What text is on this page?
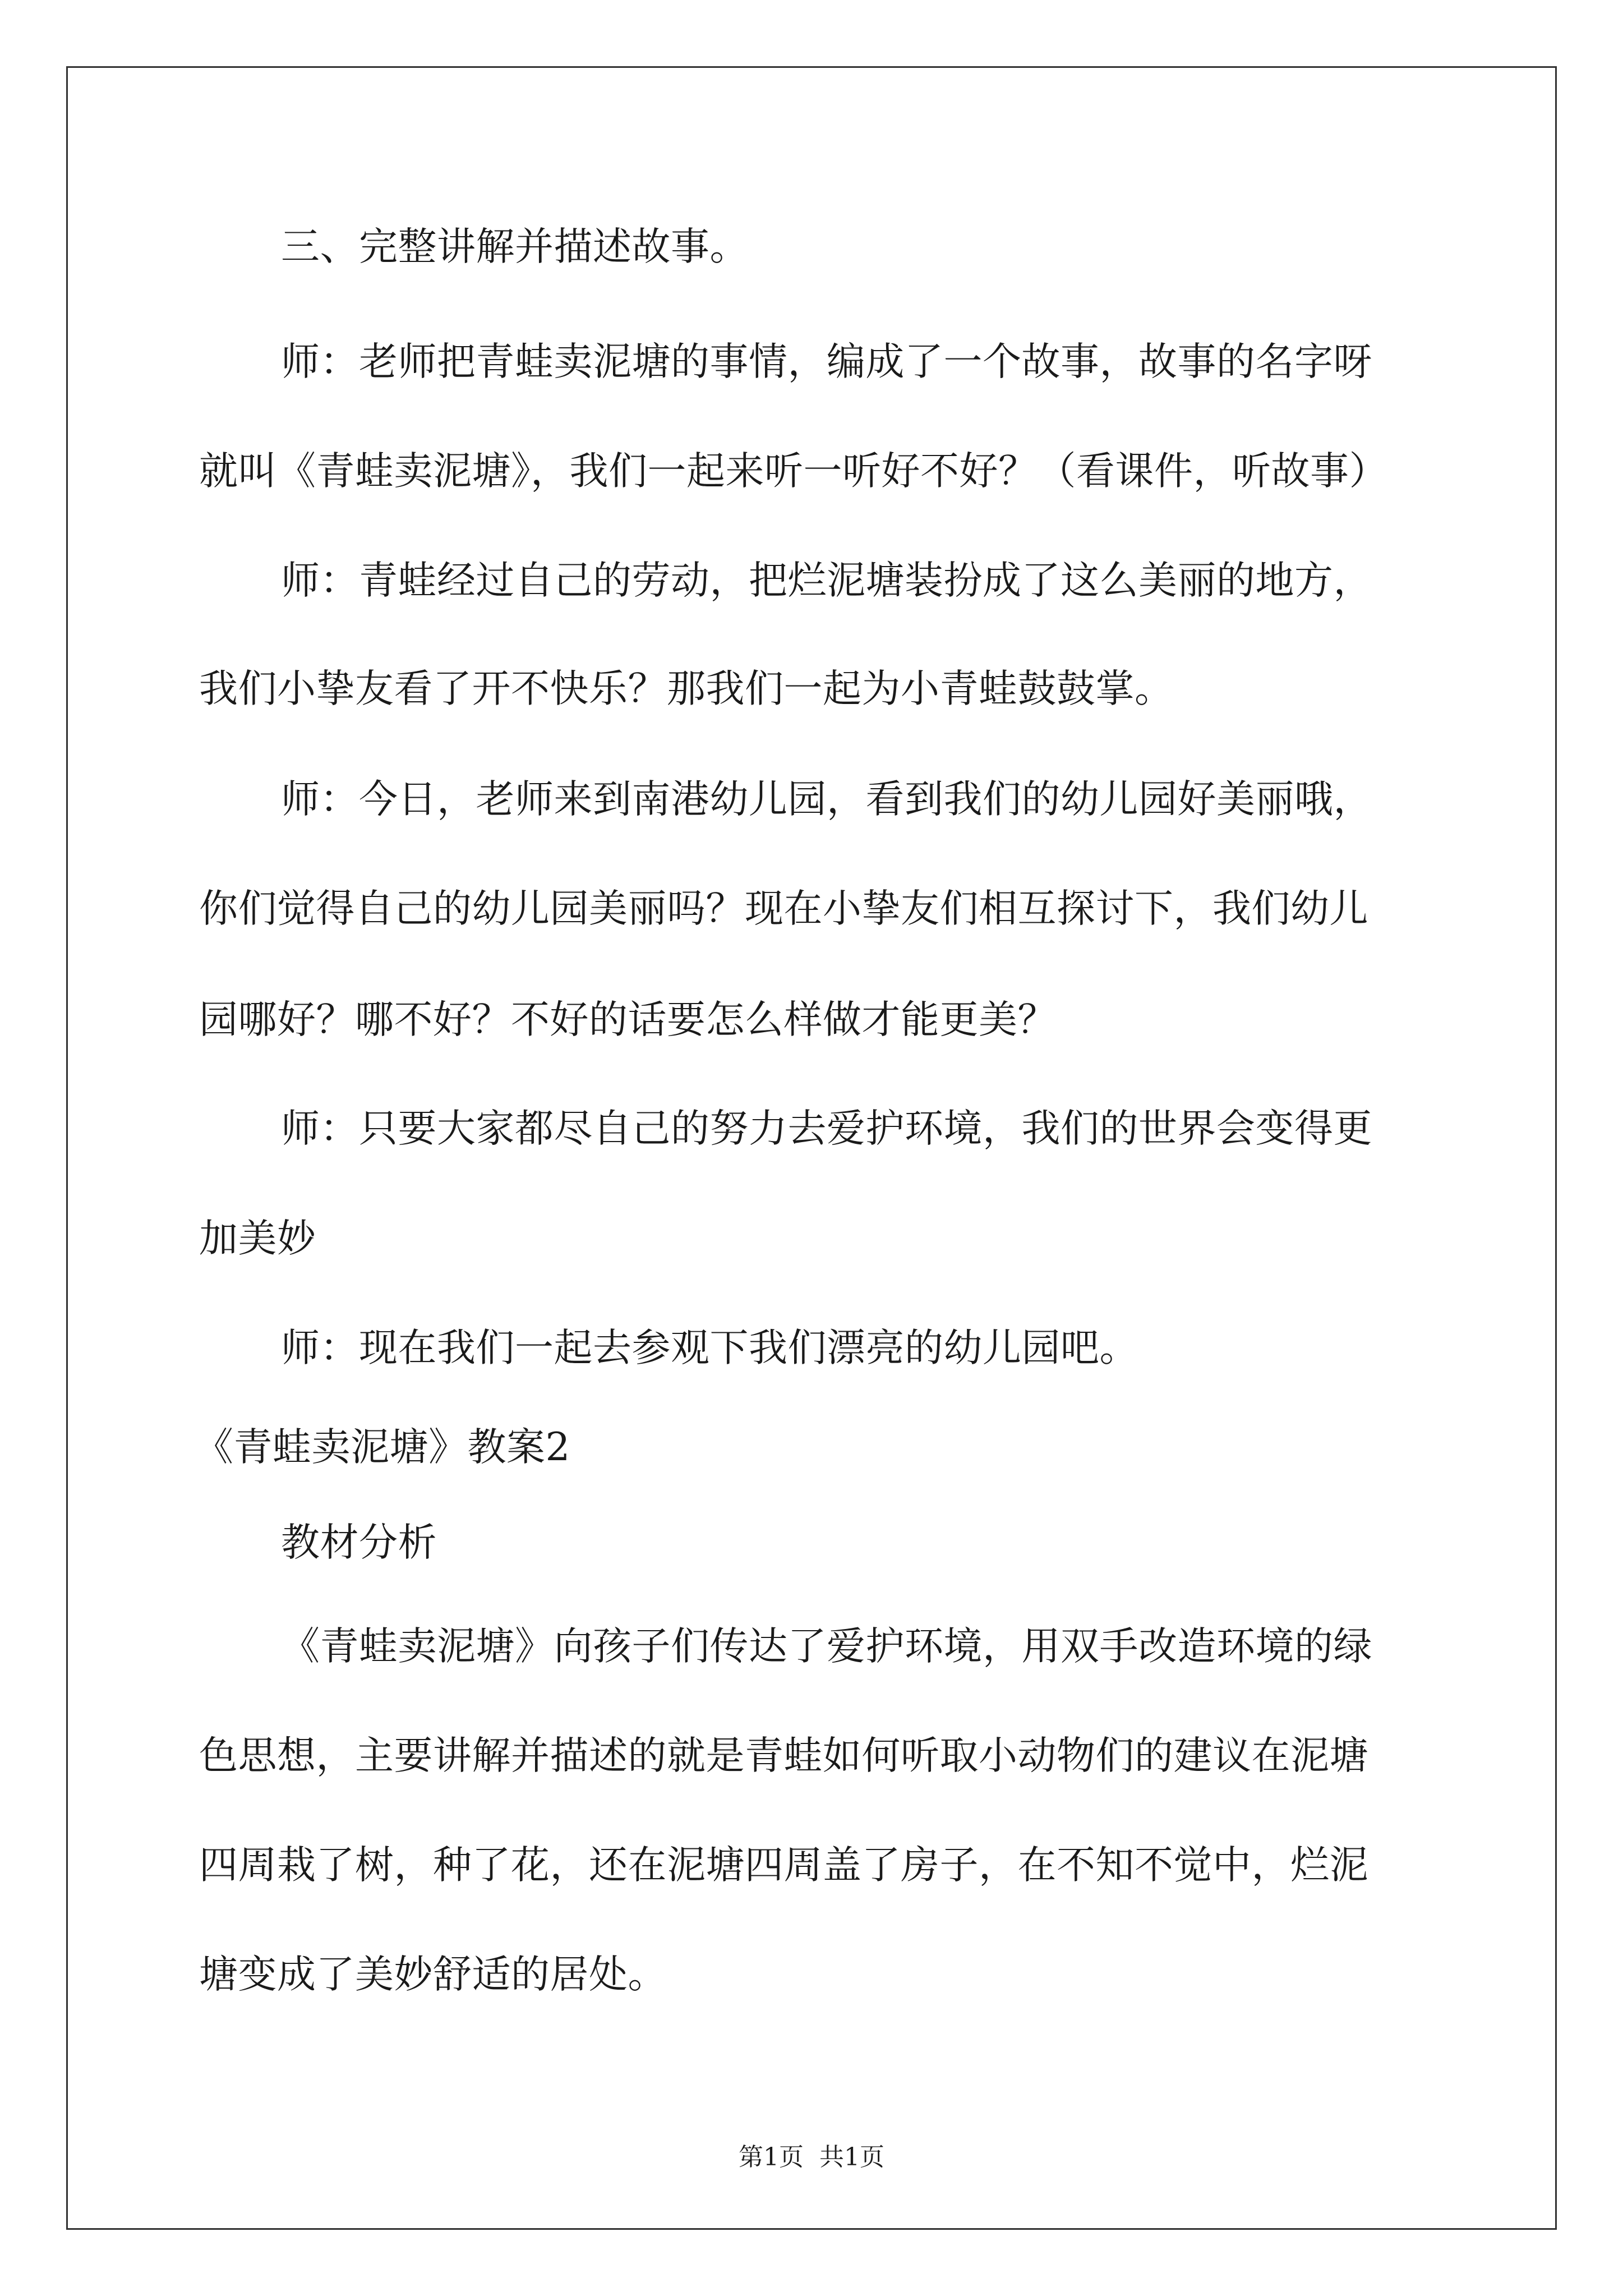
三、完整讲解并描述故事。
师：老师把青蛙卖泥塘的事情，编成了一个故事，故事的名字呀
就叫《青蛙卖泥塘》，我们一起来听一听好不好？（看课件，听故事）
师：青蛙经过自己的劳动，把烂泥塘装扮成了这么美丽的地方，
我们小挚友看了开不快乐？那我们一起为小青蛙鼓鼓掌。
师：今日，老师来到南港幼儿园，看到我们的幼儿园好美丽哦，
你们觉得自己的幼儿园美丽吗？现在小挚友们相互探讨下，我们幼儿
园哪好？哪不好？不好的话要怎么样做才能更美？
师：只要大家都尽自己的努力去爱护环境，我们的世界会变得更
加美妙
师：现在我们一起去参观下我们漂亮的幼儿园吧。
《青蛙卖泥塘》教案2
教材分析
《青蛙卖泥塘》向孩子们传达了爱护环境，用双手改造环境的绿
色思想，主要讲解并描述的就是青蛙如何听取小动物们的建议在泥塘
四周栽了树，种了花，还在泥塘四周盖了房子，在不知不觉中，烂泥
塘变成了美妙舒适的居处。
第1页 共1页
